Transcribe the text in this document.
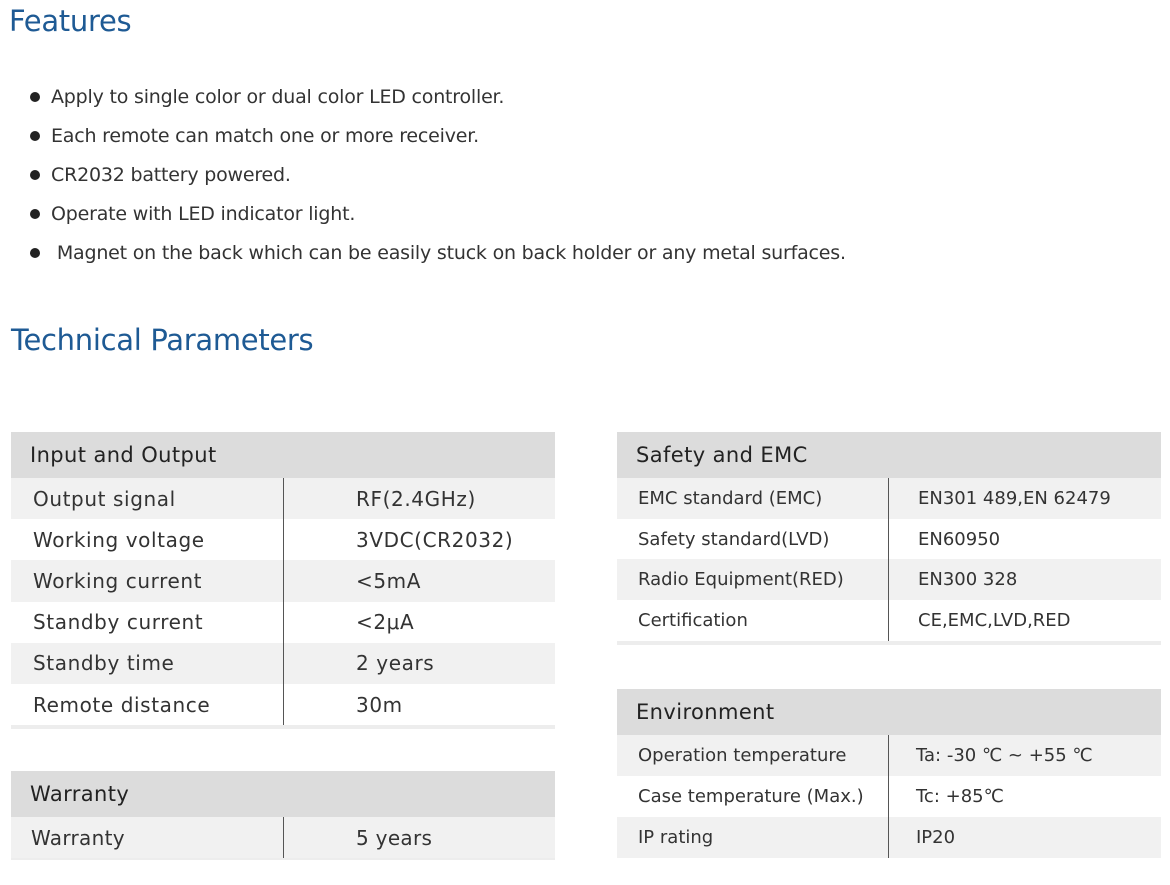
Features
Apply to single color or dual color LED controller.
Each remote can match one or more receiver.
CR2032 battery powered.
Operate with LED indicator light.
Magnet on the back which can be easily stuck on back holder or any metal surfaces.
Technical Parameters
Input and Output
Output signal	RF(2.4GHz)
Working voltage	3VDC(CR2032)
Working current	<5mA
Standby current	<2μA
Standby time	2 years
Remote distance	30m
Warranty
Warranty	5 years
Safety and EMC
EMC standard (EMC)	EN301 489,EN 62479
Safety standard(LVD)	EN60950
Radio Equipment(RED)	EN300 328
Certification	CE,EMC,LVD,RED
Environment
Operation temperature	Ta: -30 ℃ ~ +55 ℃
Case temperature (Max.)	Tc: +85℃
IP rating	IP20
